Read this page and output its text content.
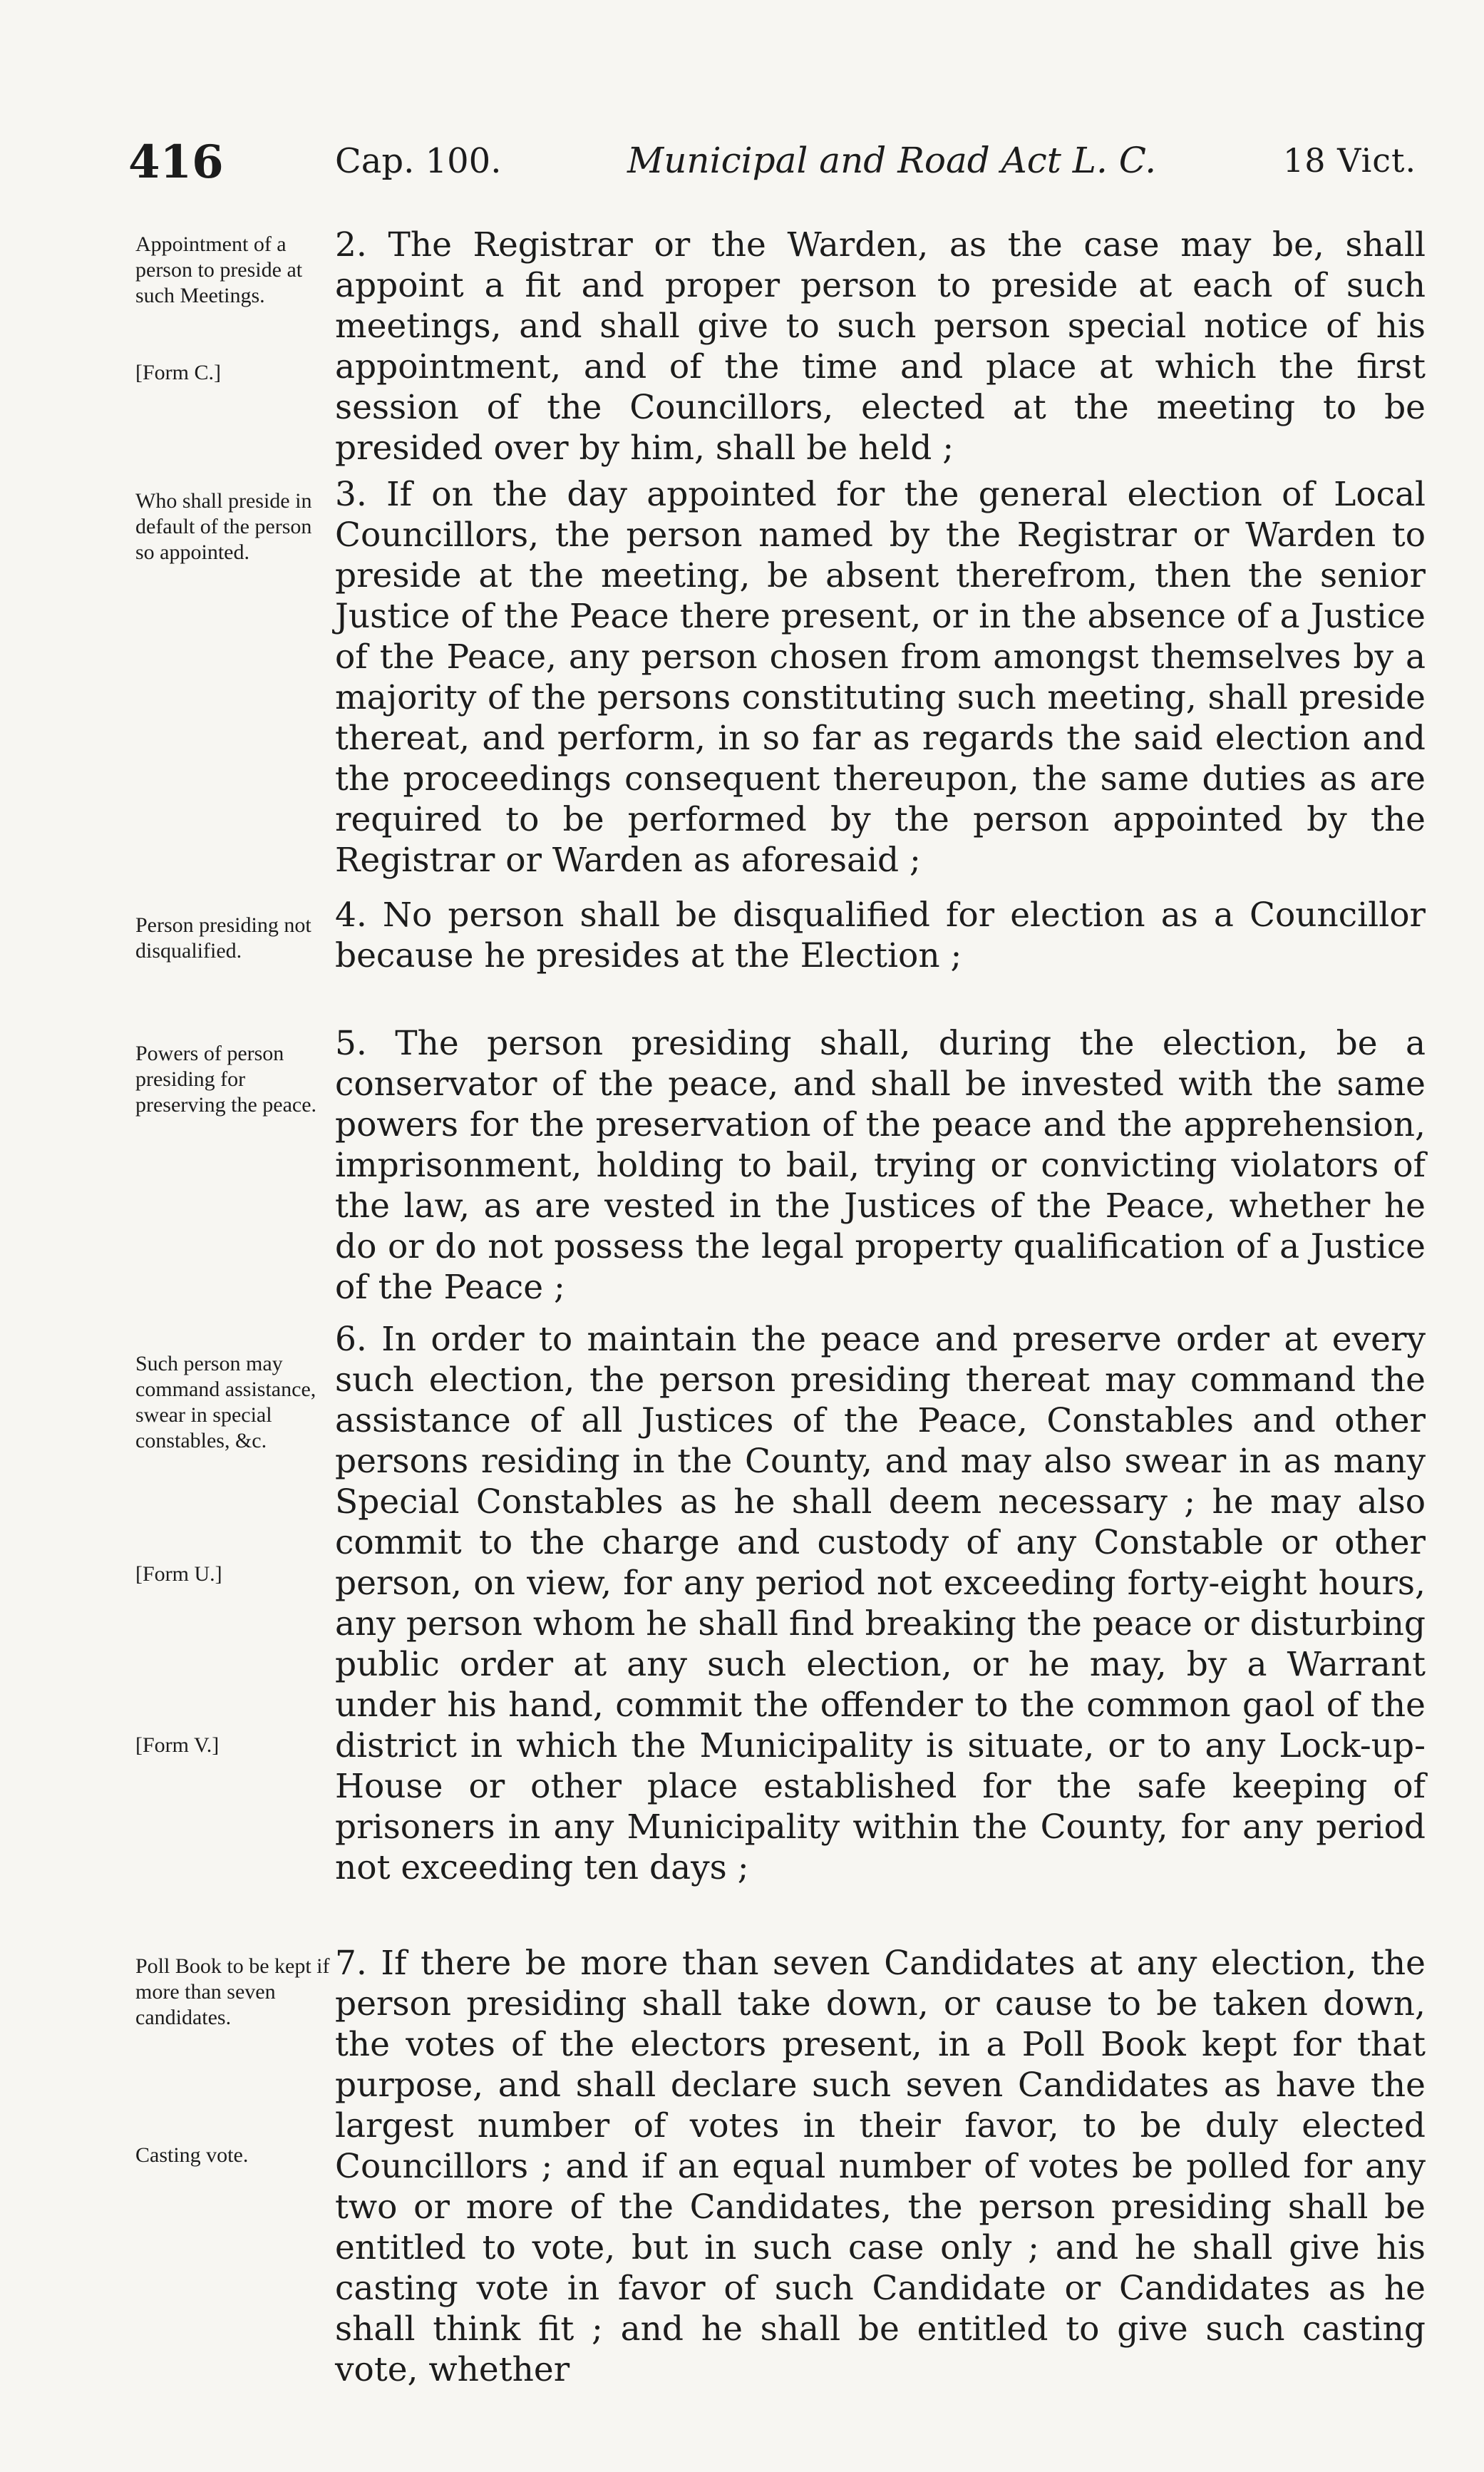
416	Cap. 100.	Municipal and Road Act L. C.	18 Vict.
Appointment of a person to preside at such Meetings.
[Form C.]
2. The Registrar or the Warden, as the case may be, shall appoint a fit and proper person to preside at each of such meetings, and shall give to such person special notice of his appointment, and of the time and place at which the first session of the Councillors, elected at the meeting to be presided over by him, shall be held ;
Who shall preside in default of the person so appointed.
3. If on the day appointed for the general election of Local Councillors, the person named by the Registrar or Warden to preside at the meeting, be absent therefrom, then the senior Justice of the Peace there present, or in the absence of a Justice of the Peace, any person chosen from amongst themselves by a majority of the persons constituting such meeting, shall preside thereat, and perform, in so far as regards the said election and the proceedings consequent thereupon, the same duties as are required to be performed by the person appointed by the Registrar or Warden as aforesaid ;
Person presiding not disqualified.
4. No person shall be disqualified for election as a Councillor because he presides at the Election ;
Powers of person presiding for preserving the peace.
5. The person presiding shall, during the election, be a conservator of the peace, and shall be invested with the same powers for the preservation of the peace and the apprehension, imprisonment, holding to bail, trying or convicting violators of the law, as are vested in the Justices of the Peace, whether he do or do not possess the legal property qualification of a Justice of the Peace ;
Such person may command assistance, swear in special constables, &c.
[Form U.]
[Form V.]
6. In order to maintain the peace and preserve order at every such election, the person presiding thereat may command the assistance of all Justices of the Peace, Constables and other persons residing in the County, and may also swear in as many Special Constables as he shall deem necessary ; he may also commit to the charge and custody of any Constable or other person, on view, for any period not exceeding forty-eight hours, any person whom he shall find breaking the peace or disturbing public order at any such election, or he may, by a Warrant under his hand, commit the offender to the common gaol of the district in which the Municipality is situate, or to any Lock-up-House or other place established for the safe keeping of prisoners in any Municipality within the County, for any period not exceeding ten days ;
Poll Book to be kept if more than seven candidates.
Casting vote.
7. If there be more than seven Candidates at any election, the person presiding shall take down, or cause to be taken down, the votes of the electors present, in a Poll Book kept for that purpose, and shall declare such seven Candidates as have the largest number of votes in their favor, to be duly elected Councillors ; and if an equal number of votes be polled for any two or more of the Candidates, the person presiding shall be entitled to vote, but in such case only ; and he shall give his casting vote in favor of such Candidate or Candidates as he shall think fit ; and he shall be entitled to give such casting vote, whether
